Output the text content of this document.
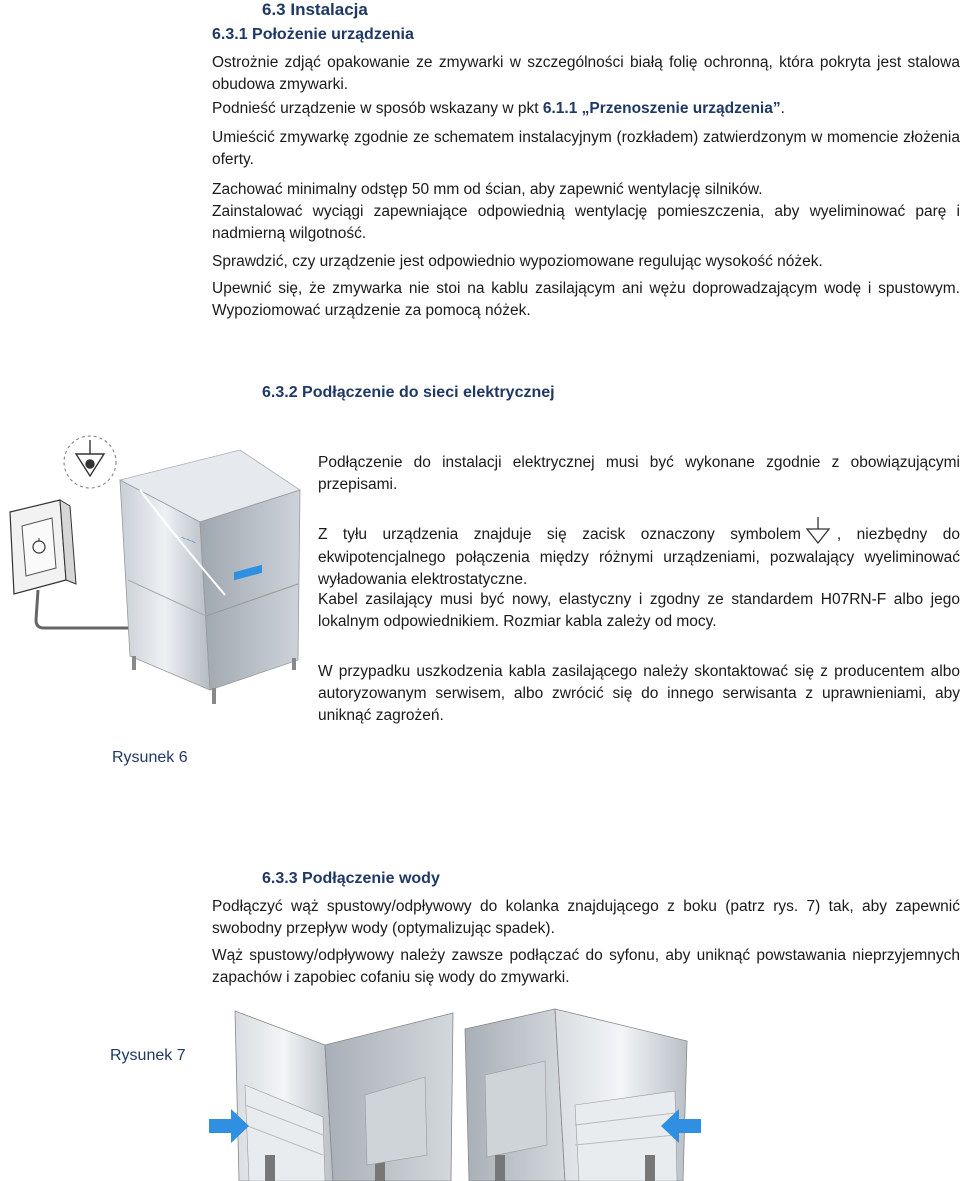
6.3 Instalacja
6.3.1 Położenie urządzenia
Ostrożnie zdjąć opakowanie ze zmywarki w szczególności białą folię ochronną, która pokryta jest stalowa obudowa zmywarki.
Podnieść urządzenie w sposób wskazany w pkt 6.1.1 „Przenoszenie urządzenia”.
Umieścić zmywarkę zgodnie ze schematem instalacyjnym (rozkładem) zatwierdzonym w momencie złożenia oferty.
Zachować minimalny odstęp 50 mm od ścian, aby zapewnić wentylację silników.
Zainstalować wyciągi zapewniające odpowiednią wentylację pomieszczenia, aby wyeliminować parę i nadmierną wilgotność.
Sprawdzić, czy urządzenie jest odpowiednio wypoziomowane regulując wysokość nóżek.
Upewnić się, że zmywarka nie stoi na kablu zasilającym ani wężu doprowadzającym wodę i spustowym. Wypoziomować urządzenie za pomocą nóżek.
6.3.2 Podłączenie do sieci elektrycznej
~~~
Podłączenie do instalacji elektrycznej musi być wykonane zgodnie z obowiązującymi przepisami.
Z tyłu urządzenia znajduje się zacisk oznaczony symbolem , niezbędny do ekwipotencjalnego połączenia między różnymi urządzeniami, pozwalający wyeliminować wyładowania elektrostatyczne.
Kabel zasilający musi być nowy, elastyczny i zgodny ze standardem H07RN-F albo jego lokalnym odpowiednikiem. Rozmiar kabla zależy od mocy.
W przypadku uszkodzenia kabla zasilającego należy skontaktować się z producentem albo autoryzowanym serwisem, albo zwrócić się do innego serwisanta z uprawnieniami, aby uniknąć zagrożeń.
Rysunek 6
6.3.3 Podłączenie wody
Podłączyć wąż spustowy/odpływowy do kolanka znajdującego z boku (patrz rys. 7) tak, aby zapewnić swobodny przepływ wody (optymalizując spadek).
Wąż spustowy/odpływowy należy zawsze podłączać do syfonu, aby uniknąć powstawania nieprzyjemnych zapachów i zapobiec cofaniu się wody do zmywarki.
Rysunek 7
